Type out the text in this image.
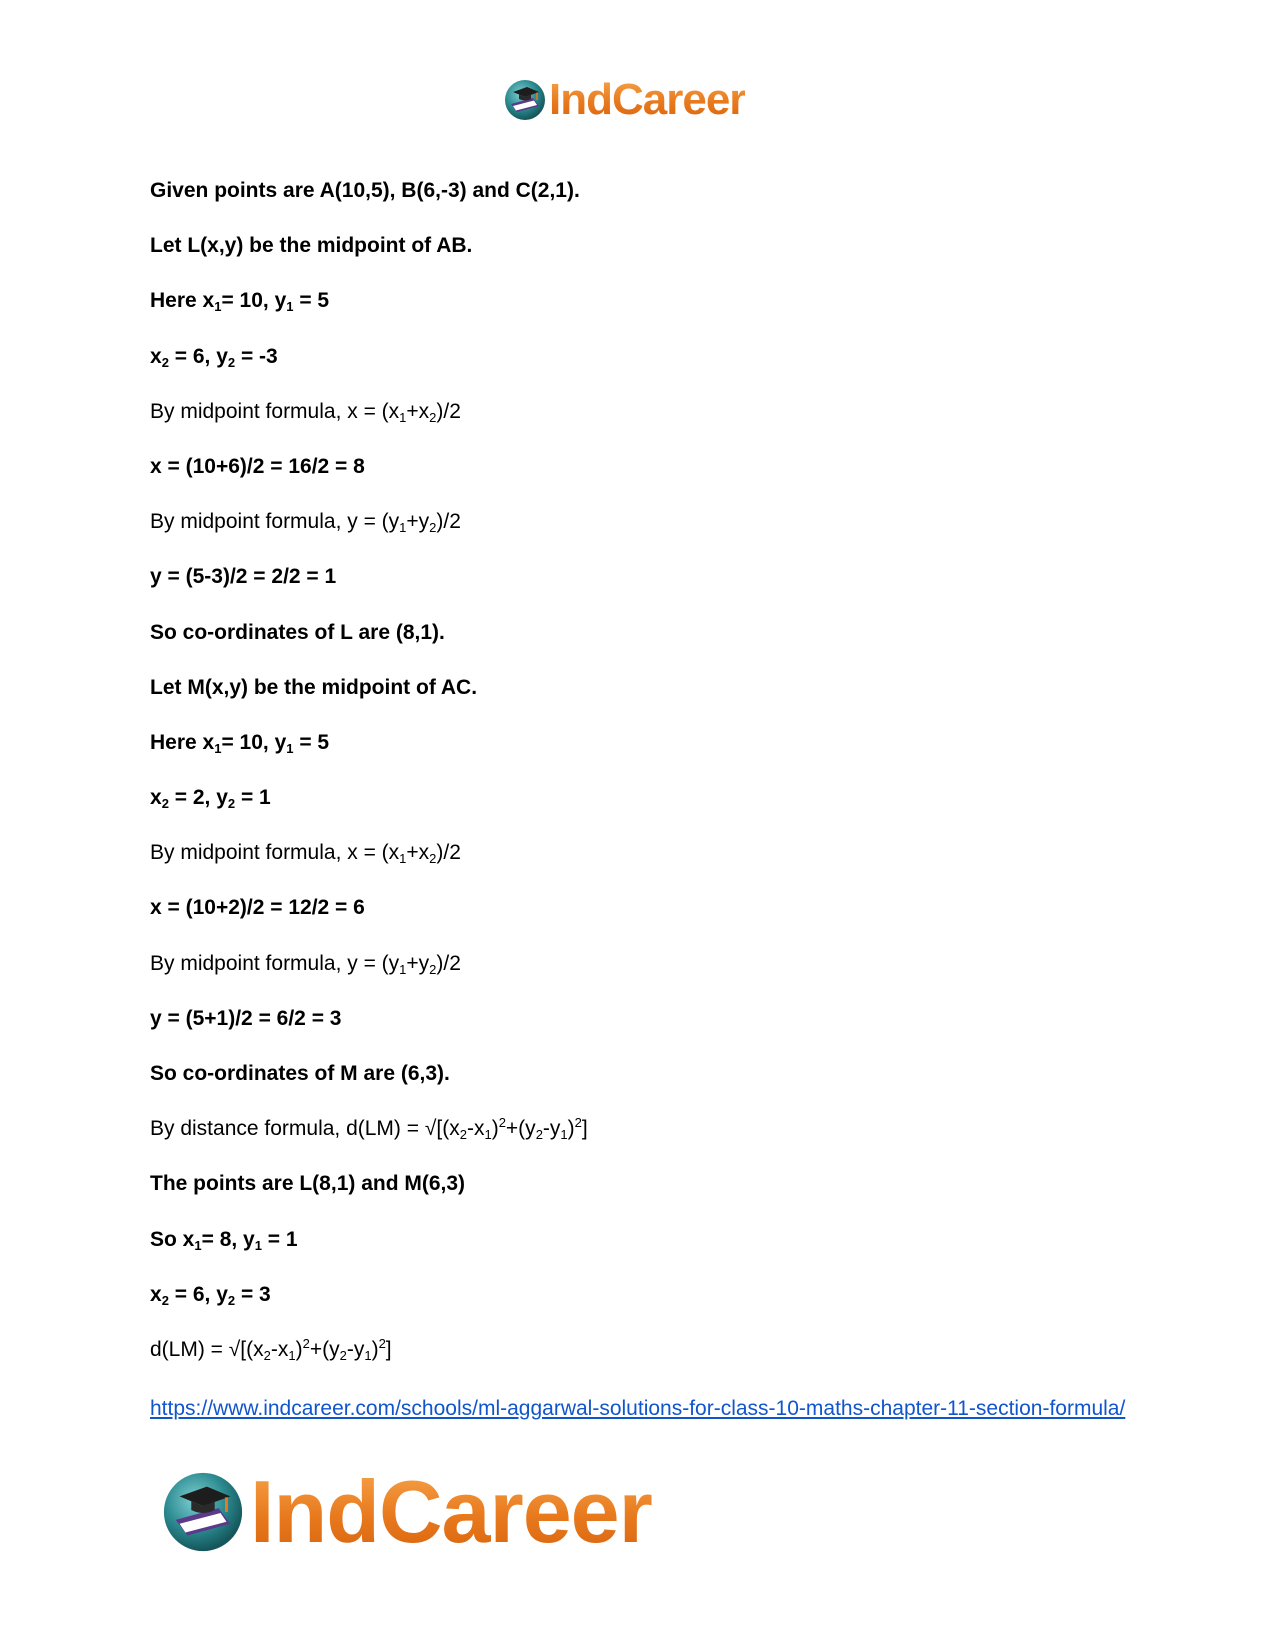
IndCareer
Given points are A(10,5), B(6,-3) and C(2,1).
Let L(x,y) be the midpoint of AB.
Here $x_1= 10$, $y_1 = 5$
$x_2 = 6$, $y_2 = -3$
By midpoint formula, $x = (x_1+x_2)/2$
x = (10+6)/2 = 16/2 = 8
By midpoint formula, $y = (y_1+y_2)/2$
y = (5-3)/2 = 2/2 = 1
So co-ordinates of L are (8,1).
Let M(x,y) be the midpoint of AC.
Here $x_1= 10$, $y_1 = 5$
$x_2 = 2$, $y_2 = 1$
By midpoint formula, $x = (x_1+x_2)/2$
x = (10+2)/2 = 12/2 = 6
By midpoint formula, $y = (y_1+y_2)/2$
y = (5+1)/2 = 6/2 = 3
So co-ordinates of M are (6,3).
By distance formula, $d(LM) = √[(x_2-x_1)^2+(y_2-y_1)^2]$
The points are L(8,1) and M(6,3)
So $x_1= 8$, $y_1 = 1$
$x_2 = 6$, $y_2 = 3$
$d(LM) = √[(x_2-x_1)^2+(y_2-y_1)^2]$
https://www.indcareer.com/schools/ml-aggarwal-solutions-for-class-10-maths-chapter-11-section-formula/
IndCareer
